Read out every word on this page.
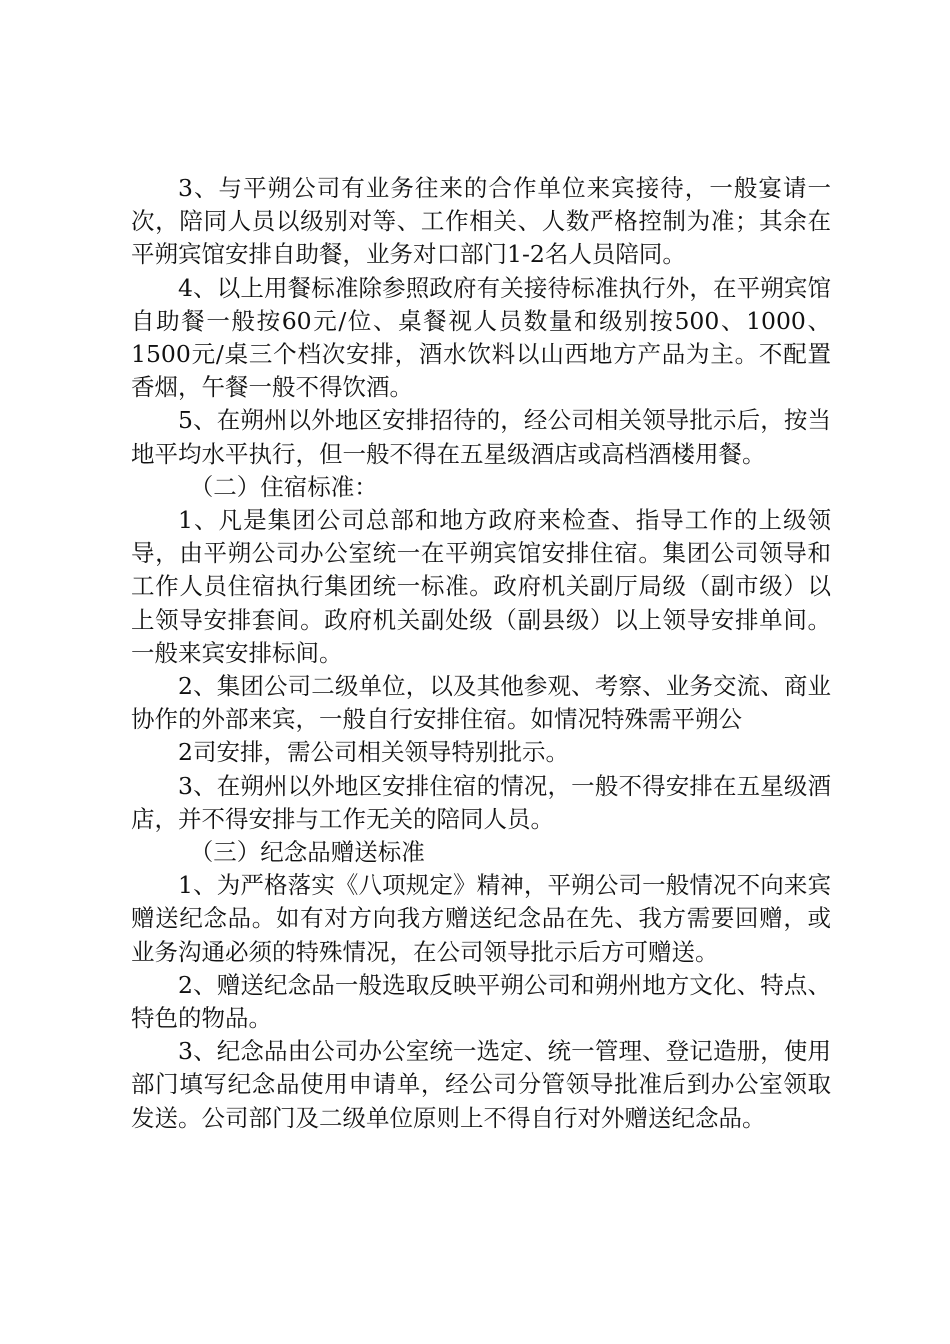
3、与平朔公司有业务往来的合作单位来宾接待，一般宴请一次，陪同人员以级别对等、工作相关、人数严格控制为准；其余在平朔宾馆安排自助餐，业务对口部门1-2名人员陪同。

4、以上用餐标准除参照政府有关接待标准执行外，在平朔宾馆自助餐一般按60元/位、桌餐视人员数量和级别按500、1000、1500元/桌三个档次安排，酒水饮料以山西地方产品为主。不配置香烟，午餐一般不得饮酒。

5、在朔州以外地区安排招待的，经公司相关领导批示后，按当地平均水平执行，但一般不得在五星级酒店或高档酒楼用餐。

（二）住宿标准：

1、凡是集团公司总部和地方政府来检查、指导工作的上级领导，由平朔公司办公室统一在平朔宾馆安排住宿。集团公司领导和工作人员住宿执行集团统一标准。政府机关副厅局级（副市级）以上领导安排套间。政府机关副处级（副县级）以上领导安排单间。一般来宾安排标间。

2、集团公司二级单位，以及其他参观、考察、业务交流、商业协作的外部来宾，一般自行安排住宿。如情况特殊需平朔公

2司安排，需公司相关领导特别批示。

3、在朔州以外地区安排住宿的情况，一般不得安排在五星级酒店，并不得安排与工作无关的陪同人员。

（三）纪念品赠送标准

1、为严格落实《八项规定》精神，平朔公司一般情况不向来宾赠送纪念品。如有对方向我方赠送纪念品在先、我方需要回赠，或业务沟通必须的特殊情况，在公司领导批示后方可赠送。

2、赠送纪念品一般选取反映平朔公司和朔州地方文化、特点、特色的物品。

3、纪念品由公司办公室统一选定、统一管理、登记造册，使用部门填写纪念品使用申请单，经公司分管领导批准后到办公室领取发送。公司部门及二级单位原则上不得自行对外赠送纪念品。
